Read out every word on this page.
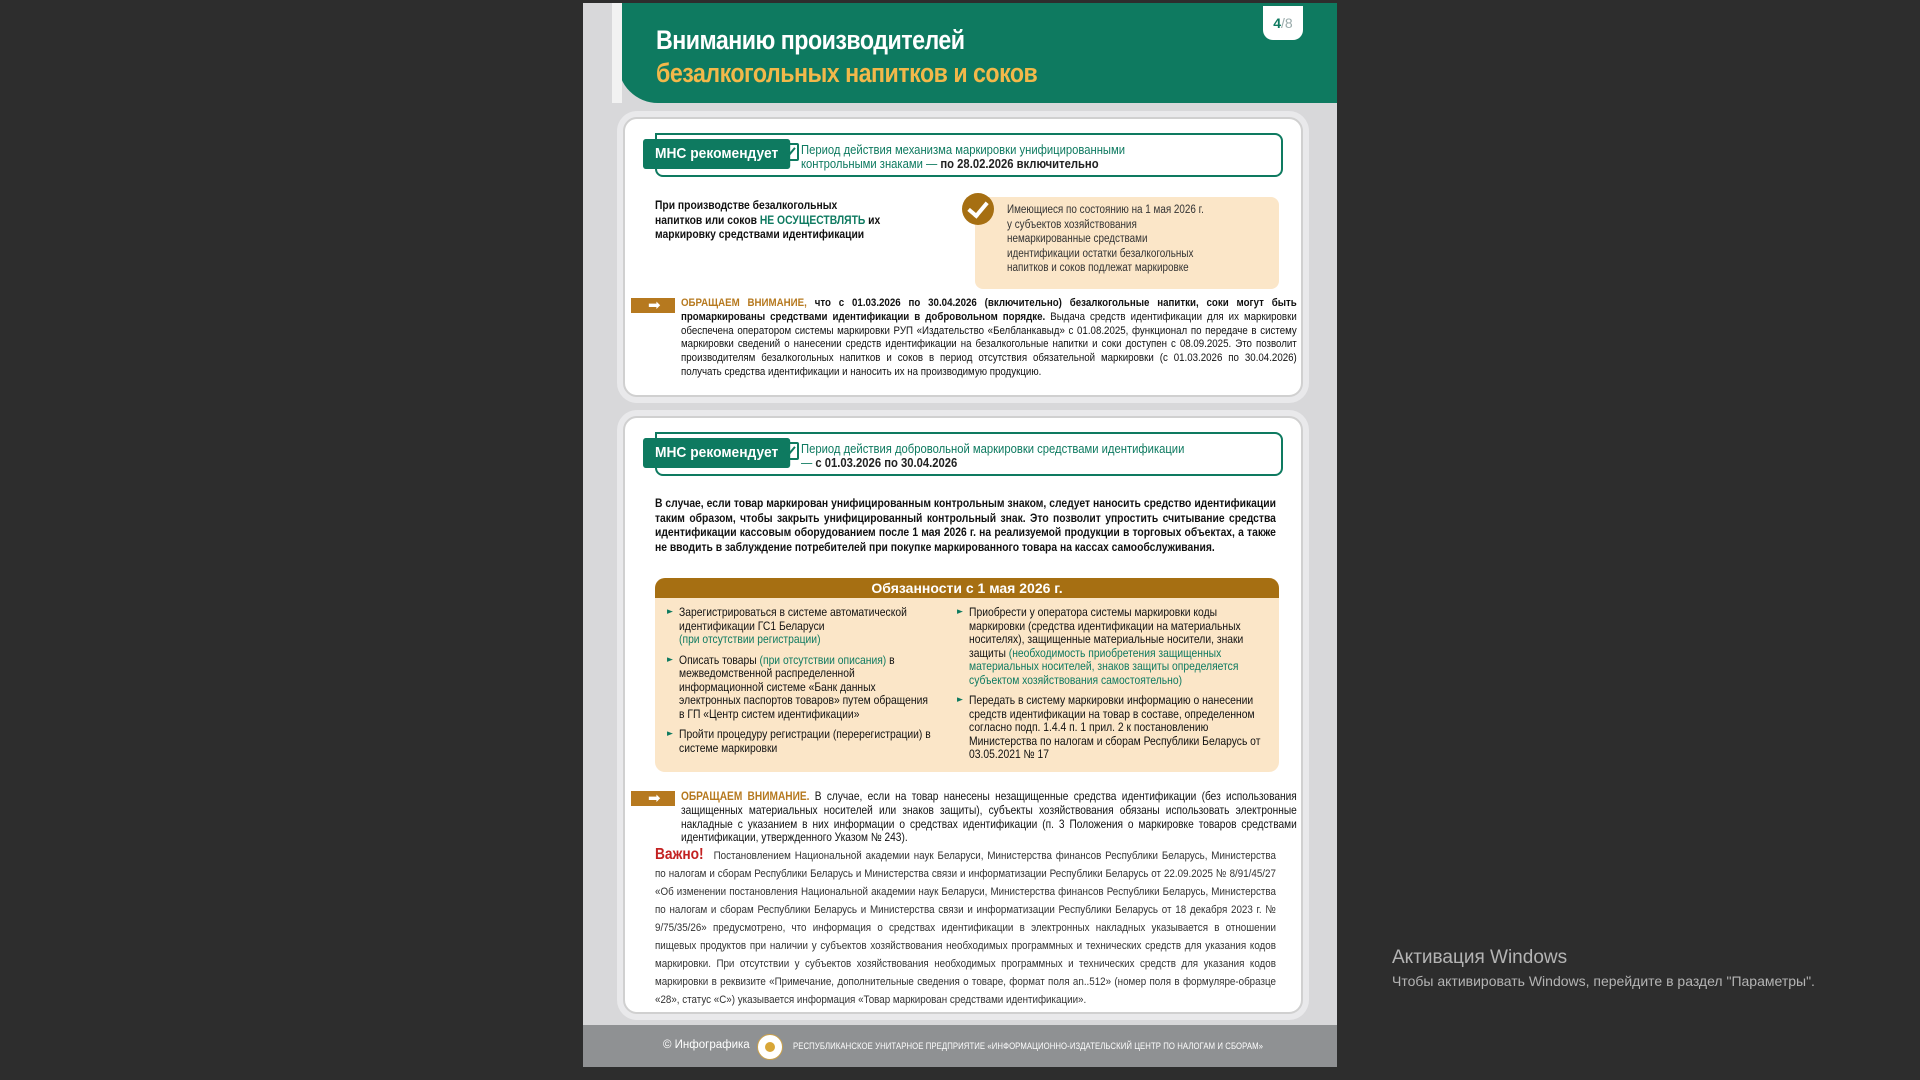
Вниманию производителей
безалкогольных напитков и соков
4/8
МНС рекомендует	Период действия механизма маркировки унифицированными контрольными знаками — по 28.02.2026 включительно
При производстве безалкогольных напитков или соков НЕ ОСУЩЕСТВЛЯТЬ их маркировку средствами идентификации
Имеющиеся по состоянию на 1 мая 2026 г. у субъектов хозяйствования немаркированные средствами идентификации остатки безалкогольных напитков и соков подлежат маркировке
➡
ОБРАЩАЕМ ВНИМАНИЕ, что с 01.03.2026 по 30.04.2026 (включительно) безалкогольные напитки, соки могут быть промаркированы средствами идентификации в добровольном порядке. Выдача средств идентификации для их маркировки обеспечена оператором системы маркировки РУП «Издательство «Белбланкавыд» с 01.08.2025, функционал по передаче в систему маркировки сведений о нанесении средств идентификации на безалкогольные напитки и соки доступен с 08.09.2025. Это позволит производителям безалкогольных напитков и соков в период отсутствия обязательной маркировки (с 01.03.2026 по 30.04.2026) получать средства идентификации и наносить их на производимую продукцию.
МНС рекомендует	Период действия добровольной маркировки средствами идентификации — с 01.03.2026 по 30.04.2026
В случае, если товар маркирован унифицированным контрольным знаком, следует наносить средство идентификации таким образом, чтобы закрыть унифицированный контрольный знак. Это позволит упростить считывание средства идентификации кассовым оборудованием после 1 мая 2026 г. на реализуемой продукции в торговых объектах, а также не вводить в заблуждение потребителей при покупке маркированного товара на кассах самообслуживания.
Обязанности с 1 мая 2026 г.
► Зарегистрироваться в системе автоматической идентификации ГС1 Беларуси
(при отсутствии регистрации)
► Описать товары (при отсутствии описания) в межведомственной распределенной информационной системе «Банк данных электронных паспортов товаров» путем обращения в ГП «Центр систем идентификации»
► Пройти процедуру регистрации (перерегистрации) в системе маркировки
► Приобрести у оператора системы маркировки коды маркировки (средства идентификации на материальных носителях), защищенные материальные носители, знаки защиты (необходимость приобретения защищенных материальных носителей, знаков защиты определяется субъектом хозяйствования самостоятельно)
► Передать в систему маркировки информацию о нанесении средств идентификации на товар в составе, определенном согласно подп. 1.4.4 п. 1 прил. 2 к постановлению Министерства по налогам и сборам Республики Беларусь от 03.05.2021 № 17
➡
ОБРАЩАЕМ ВНИМАНИЕ. В случае, если на товар нанесены незащищенные средства идентификации (без использования защищенных материальных носителей или знаков защиты), субъекты хозяйствования обязаны использовать электронные накладные с указанием в них информации о средствах идентификации (п. 3 Положения о маркировке товаров средствами идентификации, утвержденного Указом № 243).
Важно! Постановлением Национальной академии наук Беларуси, Министерства финансов Республики Беларусь, Министерства по налогам и сборам Республики Беларусь и Министерства связи и информатизации Республики Беларусь от 22.09.2025 № 8/91/45/27 «Об изменении постановления Национальной академии наук Беларуси, Министерства финансов Республики Беларусь, Министерства по налогам и сборам Республики Беларусь и Министерства связи и информатизации Республики Беларусь от 18 декабря 2023 г. № 9/75/35/26» предусмотрено, что информация о средствах идентификации в электронных накладных указывается в отношении пищевых продуктов при наличии у субъектов хозяйствования необходимых программных и технических средств для указания кодов маркировки. При отсутствии у субъектов хозяйствования необходимых программных и технических средств для указания кодов маркировки в реквизите «Примечание, дополнительные сведения о товаре, формат поля an..512» (номер поля в формуляре-образце «28», статус «С») указывается информация «Товар маркирован средствами идентификации».
© Инфографика	РЕСПУБЛИКАНСКОЕ УНИТАРНОЕ ПРЕДПРИЯТИЕ «ИНФОРМАЦИОННО-ИЗДАТЕЛЬСКИЙ ЦЕНТР ПО НАЛОГАМ И СБОРАМ»
Активация Windows
Чтобы активировать Windows, перейдите в раздел "Параметры".
